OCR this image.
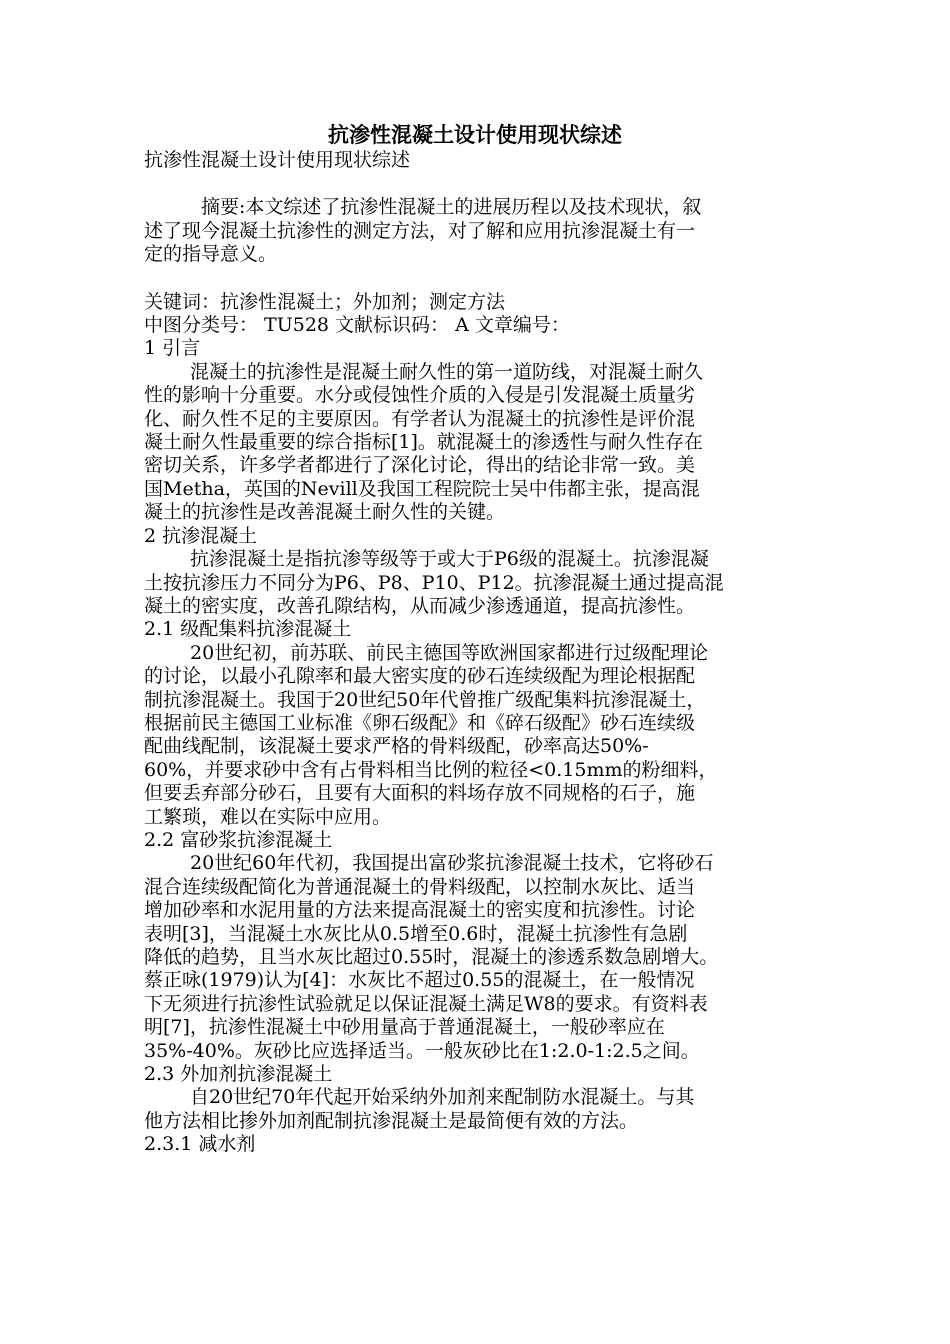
抗渗性混凝土设计使用现状综述

抗渗性混凝土设计使用现状综述

摘要:本文综述了抗渗性混凝土的进展历程以及技术现状，叙
述了现今混凝土抗渗性的测定方法，对了解和应用抗渗混凝土有一
定的指导意义。

关键词：抗渗性混凝土；外加剂；测定方法

中图分类号： TU528 文献标识码： A 文章编号：

1 引言

混凝土的抗渗性是混凝土耐久性的第一道防线，对混凝土耐久
性的影响十分重要。水分或侵蚀性介质的入侵是引发混凝土质量劣
化、耐久性不足的主要原因。有学者认为混凝土的抗渗性是评价混
凝土耐久性最重要的综合指标[1]。就混凝土的渗透性与耐久性存在
密切关系，许多学者都进行了深化讨论，得出的结论非常一致。美
国Metha，英国的Nevill及我国工程院院士吴中伟都主张，提高混
凝土的抗渗性是改善混凝土耐久性的关键。

2 抗渗混凝土

抗渗混凝土是指抗渗等级等于或大于P6级的混凝土。抗渗混凝
土按抗渗压力不同分为P6、P8、P10、P12。抗渗混凝土通过提高混
凝土的密实度，改善孔隙结构，从而减少渗透通道，提高抗渗性。

2.1 级配集料抗渗混凝土

20世纪初，前苏联、前民主德国等欧洲国家都进行过级配理论
的讨论，以最小孔隙率和最大密实度的砂石连续级配为理论根据配
制抗渗混凝土。我国于20世纪50年代曾推广级配集料抗渗混凝土，
根据前民主德国工业标准《卵石级配》和《碎石级配》砂石连续级
配曲线配制，该混凝土要求严格的骨料级配，砂率高达50%-
60%，并要求砂中含有占骨料相当比例的粒径<0.15mm的粉细料，
但要丢弃部分砂石，且要有大面积的料场存放不同规格的石子，施
工繁琐，难以在实际中应用。

2.2 富砂浆抗渗混凝土

20世纪60年代初，我国提出富砂浆抗渗混凝土技术，它将砂石
混合连续级配简化为普通混凝土的骨料级配，以控制水灰比、适当
增加砂率和水泥用量的方法来提高混凝土的密实度和抗渗性。讨论
表明[3]，当混凝土水灰比从0.5增至0.6时，混凝土抗渗性有急剧
降低的趋势，且当水灰比超过0.55时，混凝土的渗透系数急剧增大。
蔡正咏(1979)认为[4]：水灰比不超过0.55的混凝土，在一般情况
下无须进行抗渗性试验就足以保证混凝土满足W8的要求。有资料表
明[7]，抗渗性混凝土中砂用量高于普通混凝土，一般砂率应在
35%-40%。灰砂比应选择适当。一般灰砂比在1:2.0-1:2.5之间。

2.3 外加剂抗渗混凝土

自20世纪70年代起开始采纳外加剂来配制防水混凝土。与其
他方法相比掺外加剂配制抗渗混凝土是最简便有效的方法。

2.3.1 减水剂
